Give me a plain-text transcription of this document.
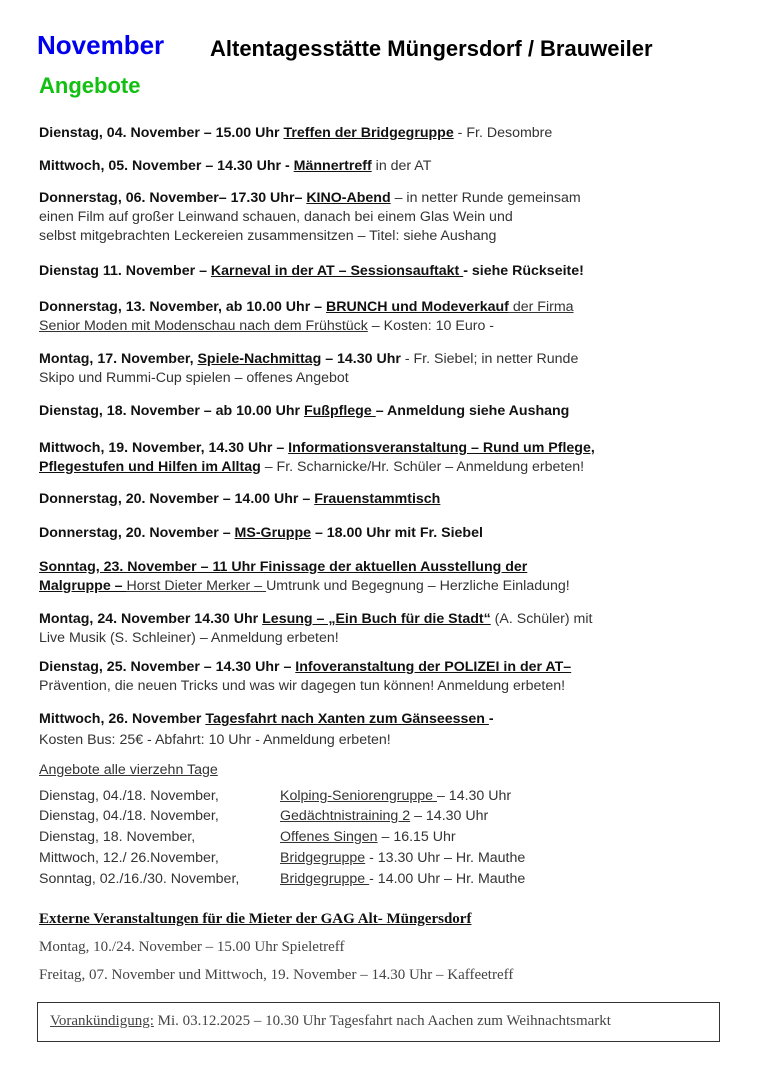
November Altentagesstätte Müngersdorf / Brauweiler
Angebote
Dienstag, 04. November – 15.00 Uhr Treffen der Bridgegruppe - Fr. Desombre
Mittwoch, 05. November – 14.30 Uhr - Männertreff in der AT
Donnerstag, 06. November– 17.30 Uhr– KINO-Abend – in netter Runde gemeinsam
einen Film auf großer Leinwand schauen, danach bei einem Glas Wein und
selbst mitgebrachten Leckereien zusammensitzen – Titel: siehe Aushang
Dienstag 11. November – Karneval in der AT – Sessionsauftakt - siehe Rückseite!
Donnerstag, 13. November, ab 10.00 Uhr – BRUNCH und Modeverkauf der Firma
Senior Moden mit Modenschau nach dem Frühstück – Kosten: 10 Euro -
Montag, 17. November, Spiele-Nachmittag – 14.30 Uhr - Fr. Siebel; in netter Runde
Skipo und Rummi-Cup spielen – offenes Angebot
Dienstag, 18. November – ab 10.00 Uhr Fußpflege – Anmeldung siehe Aushang
Mittwoch, 19. November, 14.30 Uhr – Informationsveranstaltung – Rund um Pflege,
Pflegestufen und Hilfen im Alltag – Fr. Scharnicke/Hr. Schüler – Anmeldung erbeten!
Donnerstag, 20. November – 14.00 Uhr – Frauenstammtisch
Donnerstag, 20. November – MS-Gruppe – 18.00 Uhr mit Fr. Siebel
Sonntag, 23. November – 11 Uhr Finissage der aktuellen Ausstellung der
Malgruppe – Horst Dieter Merker – Umtrunk und Begegnung – Herzliche Einladung!
Montag, 24. November 14.30 Uhr Lesung – „Ein Buch für die Stadt“ (A. Schüler) mit
Live Musik (S. Schleiner) – Anmeldung erbeten!
Dienstag, 25. November – 14.30 Uhr – Infoveranstaltung der POLIZEI in der AT–
Prävention, die neuen Tricks und was wir dagegen tun können! Anmeldung erbeten!
Mittwoch, 26. November Tagesfahrt nach Xanten zum Gänseessen -
Kosten Bus: 25€ - Abfahrt: 10 Uhr - Anmeldung erbeten!
Angebote alle vierzehn Tage
Dienstag, 04./18. November,	Kolping-Seniorengruppe – 14.30 Uhr
Dienstag, 04./18. November,	Gedächtnistraining 2 – 14.30 Uhr
Dienstag, 18. November,	Offenes Singen – 16.15 Uhr
Mittwoch, 12./ 26.November,	Bridgegruppe - 13.30 Uhr – Hr. Mauthe
Sonntag, 02./16./30. November,	Bridgegruppe - 14.00 Uhr – Hr. Mauthe
Externe Veranstaltungen für die Mieter der GAG Alt- Müngersdorf
Montag, 10./24. November – 15.00 Uhr Spieletreff
Freitag, 07. November und Mittwoch, 19. November – 14.30 Uhr – Kaffeetreff
Vorankündigung: Mi. 03.12.2025 – 10.30 Uhr Tagesfahrt nach Aachen zum Weihnachtsmarkt
